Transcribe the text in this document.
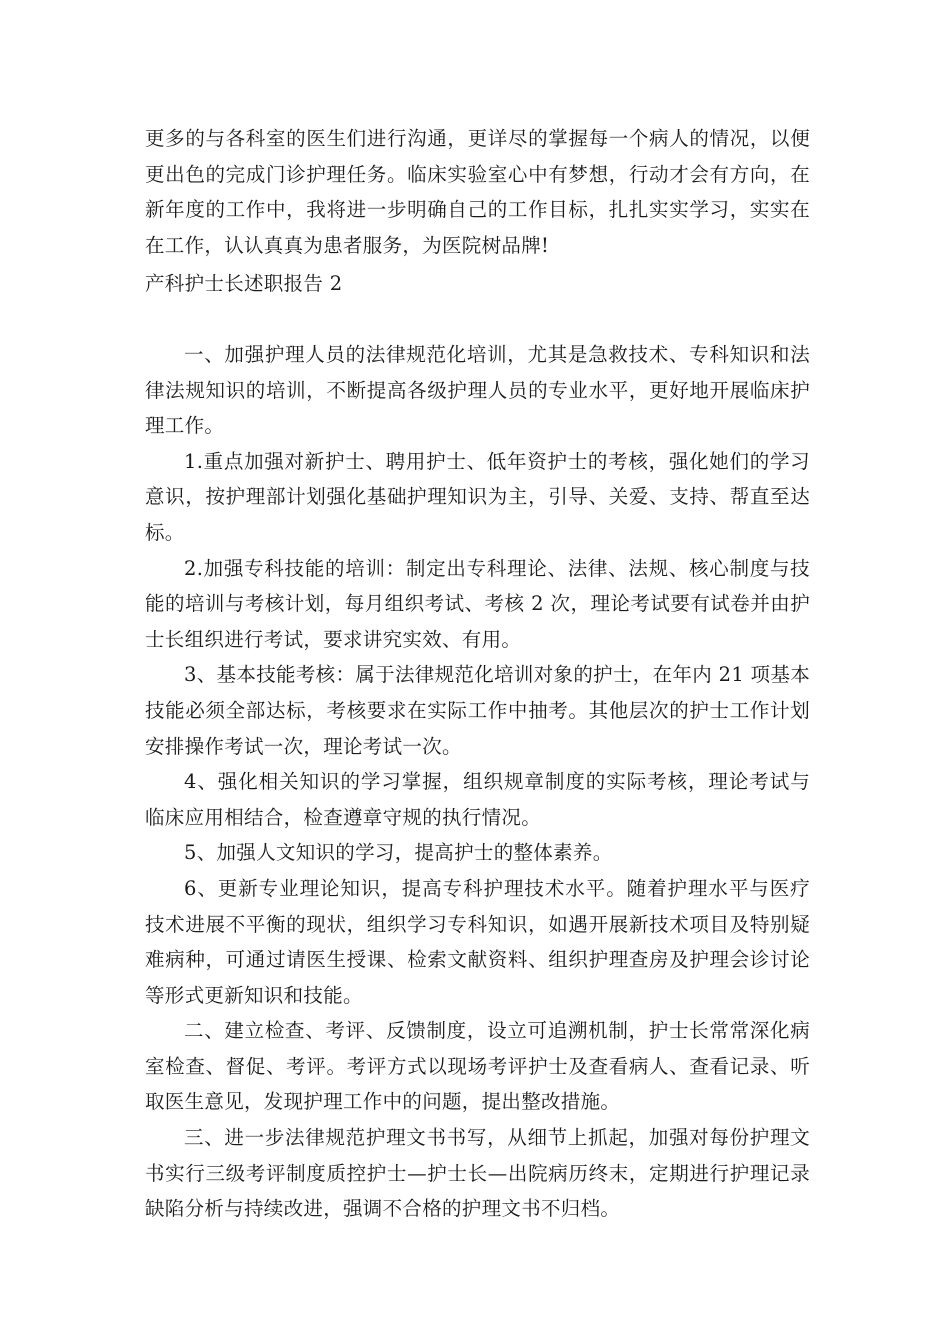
更多的与各科室的医生们进行沟通，更详尽的掌握每一个病人的情况，以便更出色的完成门诊护理任务。临床实验室心中有梦想，行动才会有方向，在新年度的工作中，我将进一步明确自己的工作目标，扎扎实实学习，实实在在工作，认认真真为患者服务，为医院树品牌!

产科护士长述职报告 2

一、加强护理人员的法律规范化培训，尤其是急救技术、专科知识和法律法规知识的培训，不断提高各级护理人员的专业水平，更好地开展临床护理工作。

1.重点加强对新护士、聘用护士、低年资护士的考核，强化她们的学习意识，按护理部计划强化基础护理知识为主，引导、关爱、支持、帮直至达标。

2.加强专科技能的培训：制定出专科理论、法律、法规、核心制度与技能的培训与考核计划，每月组织考试、考核 2 次，理论考试要有试卷并由护士长组织进行考试，要求讲究实效、有用。

3、基本技能考核：属于法律规范化培训对象的护士，在年内 21 项基本技能必须全部达标，考核要求在实际工作中抽考。其他层次的护士工作计划安排操作考试一次，理论考试一次。

4、强化相关知识的学习掌握，组织规章制度的实际考核，理论考试与临床应用相结合，检查遵章守规的执行情况。

5、加强人文知识的学习，提高护士的整体素养。

6、更新专业理论知识，提高专科护理技术水平。随着护理水平与医疗技术进展不平衡的现状，组织学习专科知识，如遇开展新技术项目及特别疑难病种，可通过请医生授课、检索文献资料、组织护理查房及护理会诊讨论等形式更新知识和技能。

二、建立检查、考评、反馈制度，设立可追溯机制，护士长常常深化病室检查、督促、考评。考评方式以现场考评护士及查看病人、查看记录、听取医生意见，发现护理工作中的问题，提出整改措施。

三、进一步法律规范护理文书书写，从细节上抓起，加强对每份护理文书实行三级考评制度质控护士—护士长—出院病历终末，定期进行护理记录缺陷分析与持续改进，强调不合格的护理文书不归档。
